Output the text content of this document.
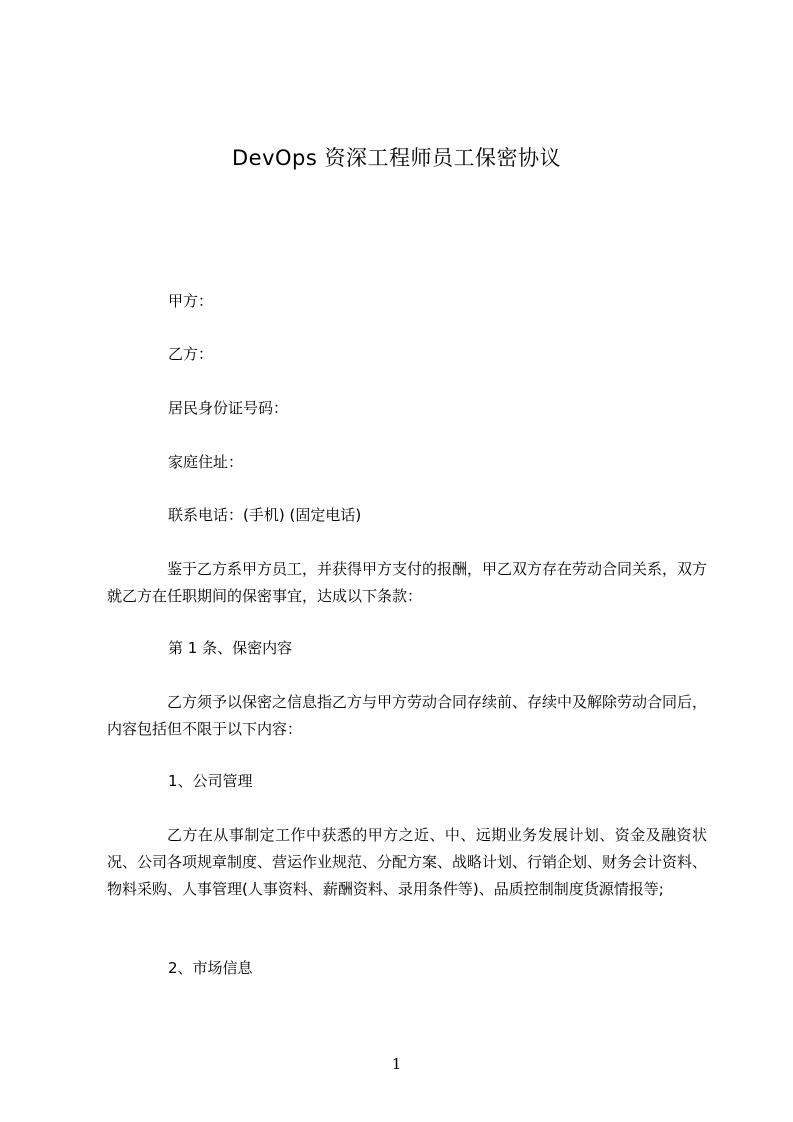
DevOps 资深工程师员工保密协议
甲方：
乙方：
居民身份证号码：
家庭住址：
联系电话：(手机) (固定电话)
鉴于乙方系甲方员工，并获得甲方支付的报酬，甲乙双方存在劳动合同关系，双方就乙方在任职期间的保密事宜，达成以下条款：
第 1 条、保密内容
乙方须予以保密之信息指乙方与甲方劳动合同存续前、存续中及解除劳动合同后，内容包括但不限于以下内容：
1、公司管理
乙方在从事制定工作中获悉的甲方之近、中、远期业务发展计划、资金及融资状况、公司各项规章制度、营运作业规范、分配方案、战略计划、行销企划、财务会计资料、物料采购、人事管理(人事资料、薪酬资料、录用条件等)、品质控制制度货源情报等;
2、市场信息
1
